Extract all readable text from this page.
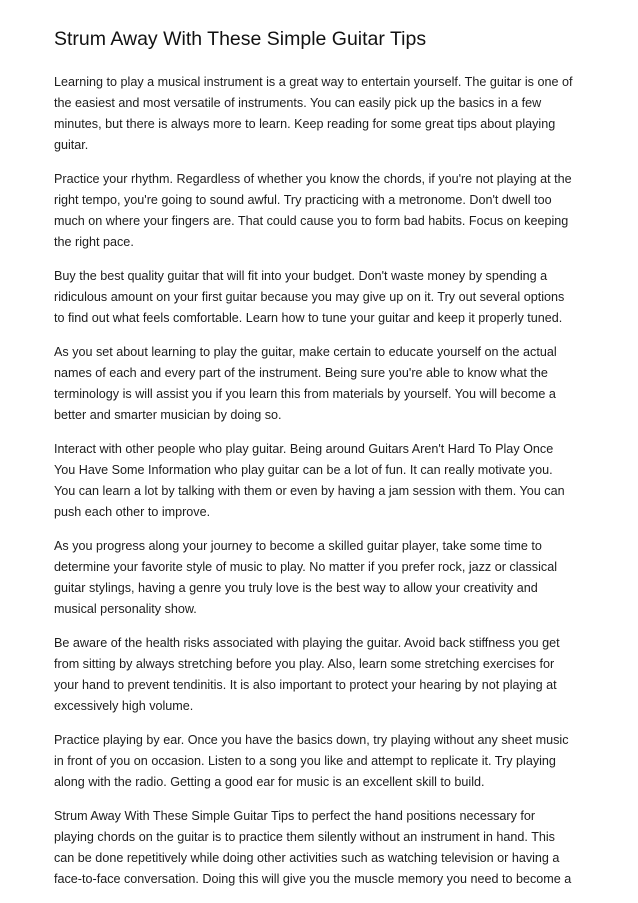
Strum Away With These Simple Guitar Tips

Learning to play a musical instrument is a great way to entertain yourself. The guitar is one of
the easiest and most versatile of instruments. You can easily pick up the basics in a few
minutes, but there is always more to learn. Keep reading for some great tips about playing
guitar.

Practice your rhythm. Regardless of whether you know the chords, if you're not playing at the
right tempo, you're going to sound awful. Try practicing with a metronome. Don't dwell too
much on where your fingers are. That could cause you to form bad habits. Focus on keeping
the right pace.

Buy the best quality guitar that will fit into your budget. Don't waste money by spending a
ridiculous amount on your first guitar because you may give up on it. Try out several options
to find out what feels comfortable. Learn how to tune your guitar and keep it properly tuned.

As you set about learning to play the guitar, make certain to educate yourself on the actual
names of each and every part of the instrument. Being sure you're able to know what the
terminology is will assist you if you learn this from materials by yourself. You will become a
better and smarter musician by doing so.

Interact with other people who play guitar. Being around Guitars Aren't Hard To Play Once
You Have Some Information who play guitar can be a lot of fun. It can really motivate you.
You can learn a lot by talking with them or even by having a jam session with them. You can
push each other to improve.

As you progress along your journey to become a skilled guitar player, take some time to
determine your favorite style of music to play. No matter if you prefer rock, jazz or classical
guitar stylings, having a genre you truly love is the best way to allow your creativity and
musical personality show.

Be aware of the health risks associated with playing the guitar. Avoid back stiffness you get
from sitting by always stretching before you play. Also, learn some stretching exercises for
your hand to prevent tendinitis. It is also important to protect your hearing by not playing at
excessively high volume.

Practice playing by ear. Once you have the basics down, try playing without any sheet music
in front of you on occasion. Listen to a song you like and attempt to replicate it. Try playing
along with the radio. Getting a good ear for music is an excellent skill to build.

Strum Away With These Simple Guitar Tips to perfect the hand positions necessary for
playing chords on the guitar is to practice them silently without an instrument in hand. This
can be done repetitively while doing other activities such as watching television or having a
face-to-face conversation. Doing this will give you the muscle memory you need to become a
